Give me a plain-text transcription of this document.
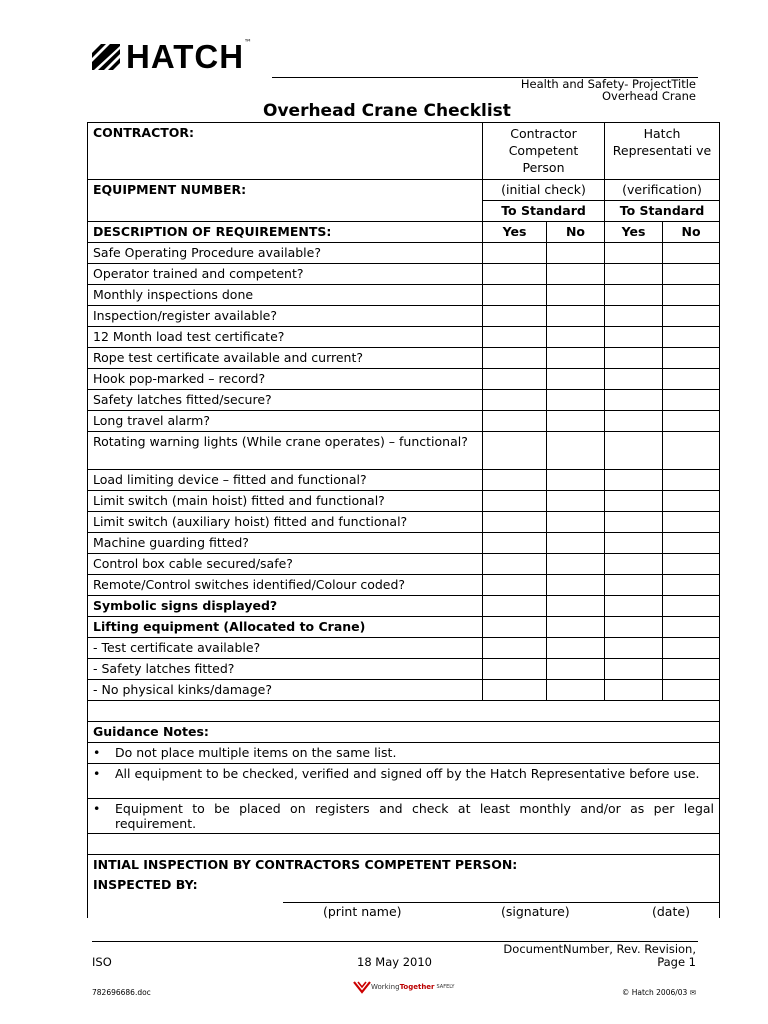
HATCH ™
Health and Safety- ProjectTitle
Overhead Crane
Overhead Crane Checklist
CONTRACTOR:	Contractor Competent Person		Hatch Representati ve	
EQUIPMENT NUMBER:	(initial check)		(verification)	
	To Standard		To Standard	
DESCRIPTION OF REQUIREMENTS:	Yes	No	Yes	No
Safe Operating Procedure available?				
Operator trained and competent?				
Monthly inspections done				
Inspection/register available?				
12 Month load test certificate?				
Rope test certificate available and current?				
Hook pop-marked – record?				
Safety latches fitted/secure?				
Long travel alarm?				
Rotating warning lights (While crane operates) – functional?				
Load limiting device – fitted and functional?				
Limit switch (main hoist) fitted and functional?				
Limit switch (auxiliary hoist) fitted and functional?				
Machine guarding fitted?				
Control box cable secured/safe?				
Remote/Control switches identified/Colour coded?				
Symbolic signs displayed?				
Lifting equipment (Allocated to Crane)				
- Test certificate available?				
- Safety latches fitted?				
- No physical kinks/damage?				

Guidance Notes:				

• Do not place multiple items on the same list.				

• All equipment to be checked, verified and signed off by the Hatch Representative before use.				

• Equipment to be placed on registers and check at least monthly and/or as per legal requirement.				

INTIAL INSPECTION BY CONTRACTORS COMPETENT PERSON:
INSPECTED BY:
(print name) (signature) (date)				
DocumentNumber, Rev. Revision,
ISO	18 May 2010	Page 1
782696686.doc
Working Together SAFELY
© Hatch 2006/03 ✉
